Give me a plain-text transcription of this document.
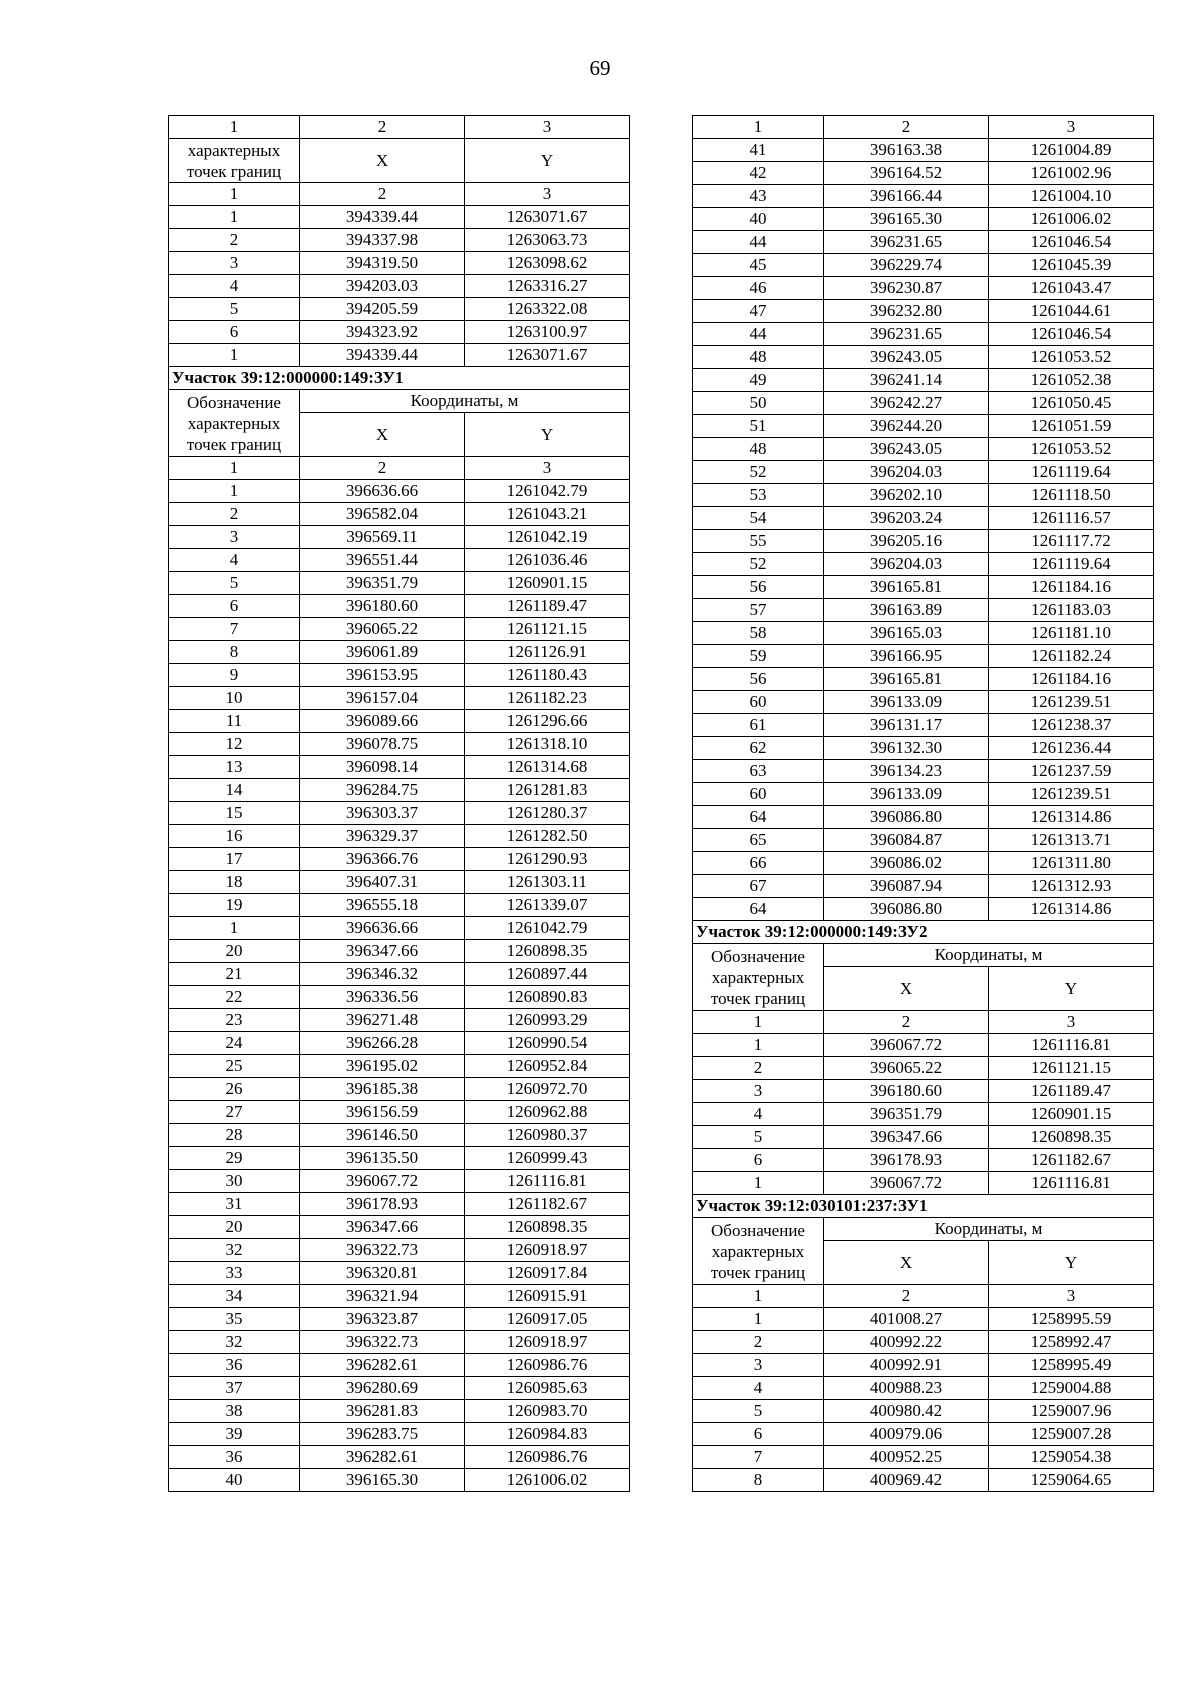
69
1	2	3
характерных точек границ	X	Y
1	2	3
1	394339.44	1263071.67
2	394337.98	1263063.73
3	394319.50	1263098.62
4	394203.03	1263316.27
5	394205.59	1263322.08
6	394323.92	1263100.97
1	394339.44	1263071.67
Участок 39:12:000000:149:ЗУ1		
Обозначение
характерных точек границ	Координаты, м	
	X	Y
1	2	3
1	396636.66	1261042.79
2	396582.04	1261043.21
3	396569.11	1261042.19
4	396551.44	1261036.46
5	396351.79	1260901.15
6	396180.60	1261189.47
7	396065.22	1261121.15
8	396061.89	1261126.91
9	396153.95	1261180.43
10	396157.04	1261182.23
11	396089.66	1261296.66
12	396078.75	1261318.10
13	396098.14	1261314.68
14	396284.75	1261281.83
15	396303.37	1261280.37
16	396329.37	1261282.50
17	396366.76	1261290.93
18	396407.31	1261303.11
19	396555.18	1261339.07
1	396636.66	1261042.79
20	396347.66	1260898.35
21	396346.32	1260897.44
22	396336.56	1260890.83
23	396271.48	1260993.29
24	396266.28	1260990.54
25	396195.02	1260952.84
26	396185.38	1260972.70
27	396156.59	1260962.88
28	396146.50	1260980.37
29	396135.50	1260999.43
30	396067.72	1261116.81
31	396178.93	1261182.67
20	396347.66	1260898.35
32	396322.73	1260918.97
33	396320.81	1260917.84
34	396321.94	1260915.91
35	396323.87	1260917.05
32	396322.73	1260918.97
36	396282.61	1260986.76
37	396280.69	1260985.63
38	396281.83	1260983.70
39	396283.75	1260984.83
36	396282.61	1260986.76
40	396165.30	1261006.02
1	2	3
41	396163.38	1261004.89
42	396164.52	1261002.96
43	396166.44	1261004.10
40	396165.30	1261006.02
44	396231.65	1261046.54
45	396229.74	1261045.39
46	396230.87	1261043.47
47	396232.80	1261044.61
44	396231.65	1261046.54
48	396243.05	1261053.52
49	396241.14	1261052.38
50	396242.27	1261050.45
51	396244.20	1261051.59
48	396243.05	1261053.52
52	396204.03	1261119.64
53	396202.10	1261118.50
54	396203.24	1261116.57
55	396205.16	1261117.72
52	396204.03	1261119.64
56	396165.81	1261184.16
57	396163.89	1261183.03
58	396165.03	1261181.10
59	396166.95	1261182.24
56	396165.81	1261184.16
60	396133.09	1261239.51
61	396131.17	1261238.37
62	396132.30	1261236.44
63	396134.23	1261237.59
60	396133.09	1261239.51
64	396086.80	1261314.86
65	396084.87	1261313.71
66	396086.02	1261311.80
67	396087.94	1261312.93
64	396086.80	1261314.86
Участок 39:12:000000:149:ЗУ2		
Обозначение
характерных точек границ	Координаты, м	
	X	Y
1	2	3
1	396067.72	1261116.81
2	396065.22	1261121.15
3	396180.60	1261189.47
4	396351.79	1260901.15
5	396347.66	1260898.35
6	396178.93	1261182.67
1	396067.72	1261116.81
Участок 39:12:030101:237:ЗУ1		
Обозначение
характерных точек границ	Координаты, м	
	X	Y
1	2	3
1	401008.27	1258995.59
2	400992.22	1258992.47
3	400992.91	1258995.49
4	400988.23	1259004.88
5	400980.42	1259007.96
6	400979.06	1259007.28
7	400952.25	1259054.38
8	400969.42	1259064.65
